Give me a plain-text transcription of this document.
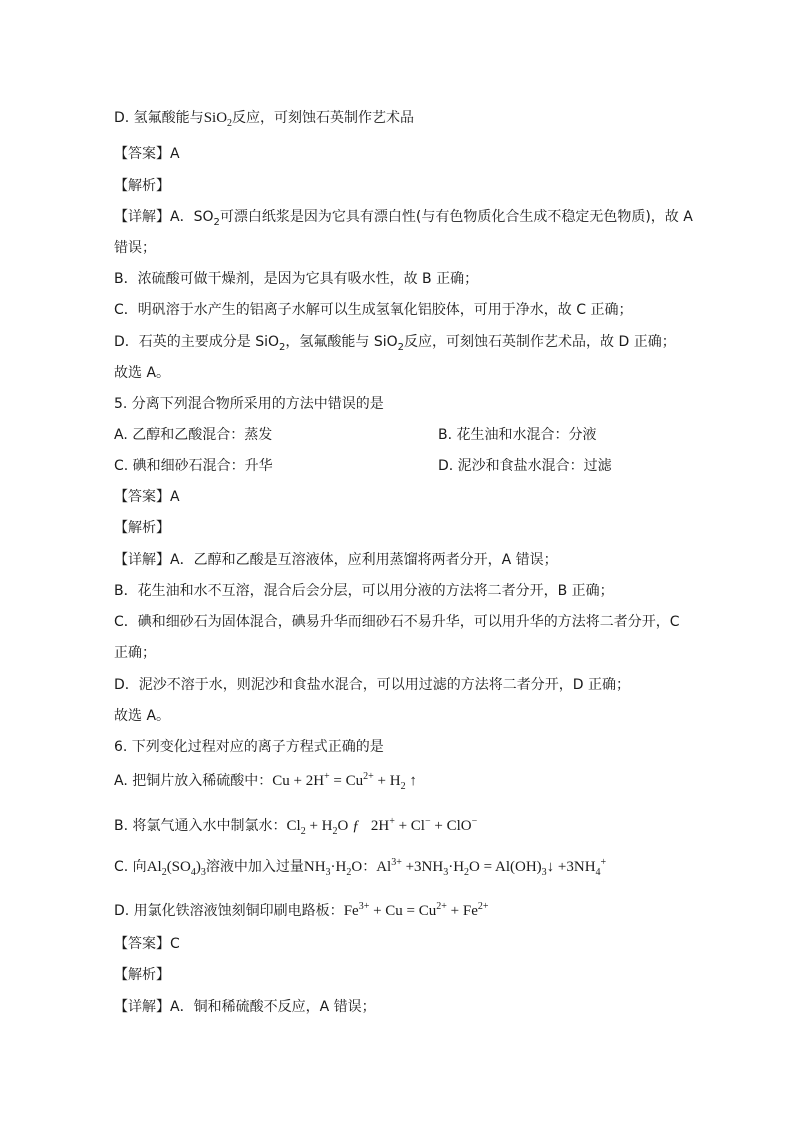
D. 氢氟酸能与SiO$_2$反应，可刻蚀石英制作艺术品
【答案】A
【解析】
【详解】A．$SO_2$可漂白纸浆是因为它具有漂白性(与有色物质化合生成不稳定无色物质)，故 A
错误；
B．浓硫酸可做干燥剂，是因为它具有吸水性，故 B 正确；
C．明矾溶于水产生的铝离子水解可以生成氢氧化铝胶体，可用于净水，故 C 正确；
D．石英的主要成分是 SiO$_2$，氢氟酸能与 SiO$_2$反应，可刻蚀石英制作艺术品，故 D 正确；
故选 A。
5. 分离下列混合物所采用的方法中错误的是
A. 乙醇和乙酸混合：蒸发	B. 花生油和水混合：分液
C. 碘和细砂石混合：升华	D. 泥沙和食盐水混合：过滤
【答案】A
【解析】
【详解】A．乙醇和乙酸是互溶液体，应利用蒸馏将两者分开，A 错误；
B．花生油和水不互溶，混合后会分层，可以用分液的方法将二者分开，B 正确；
C．碘和细砂石为固体混合，碘易升华而细砂石不易升华，可以用升华的方法将二者分开，C
正确；
D．泥沙不溶于水，则泥沙和食盐水混合，可以用过滤的方法将二者分开，D 正确；
故选 A。
6. 下列变化过程对应的离子方程式正确的是
A. 把铜片放入稀硫酸中：$Cu + 2H^+ = Cu^{2+} + H_2$ ↑
B. 将氯气通入水中制氯水：$Cl_2 + H_2O$ ƒ   2H+ + Cl− + ClO−
C. 向$Al_2(SO_4)_3$溶液中加入过量$NH_3\cdot H_2O$：$Al^{3+} +3NH_3\cdot H_2O$ = $Al(OH)_3↓ +3NH_4^+$
D. 用氯化铁溶液蚀刻铜印刷电路板：$Fe^{3+} + Cu = Cu^{2+} + Fe^{2+}$
【答案】C
【解析】
【详解】A．铜和稀硫酸不反应，A 错误；
